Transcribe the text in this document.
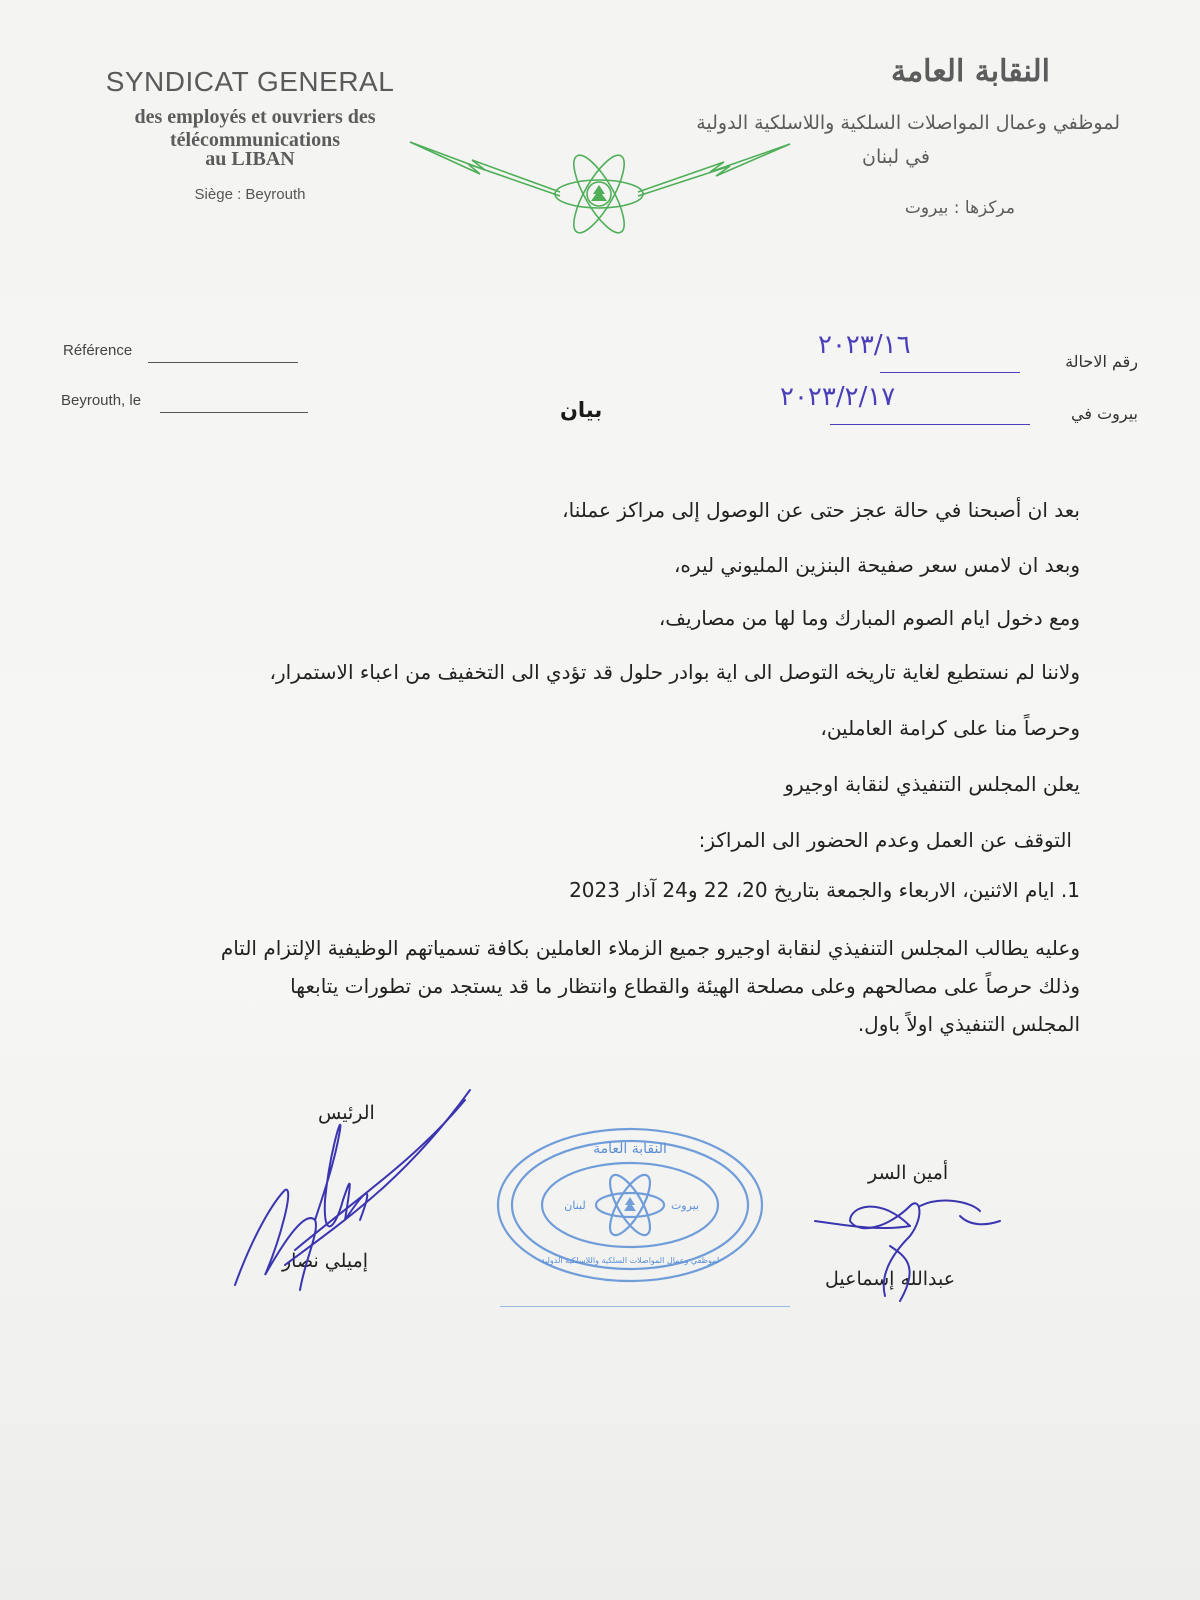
SYNDICAT GENERAL
des employés et ouvriers des télécommunications
au LIBAN
Siège : Beyrouth
النقابة العامة
لموظفي وعمال المواصلات السلكية واللاسلكية الدولية
في لبنان
مركزها : بيروت
Référence
Beyrouth, le
رقم الاحالة
بيروت في
٢٠٢٣/١٦
٢٠٢٣/٢/١٧
بيان
بعد ان أصبحنا في حالة عجز حتى عن الوصول إلى مراكز عملنا،
وبعد ان لامس سعر صفيحة البنزين المليوني ليره،
ومع دخول ايام الصوم المبارك وما لها من مصاريف،
ولاننا لم نستطيع لغاية تاريخه التوصل الى اية بوادر حلول قد تؤدي الى التخفيف من اعباء الاستمرار،
وحرصاً منا على كرامة العاملين،
يعلن المجلس التنفيذي لنقابة اوجيرو
التوقف عن العمل وعدم الحضور الى المراكز:
1. ايام الاثنين، الاربعاء والجمعة بتاريخ 20، 22 و24 آذار 2023
وعليه يطالب المجلس التنفيذي لنقابة اوجيرو جميع الزملاء العاملين بكافة تسمياتهم الوظيفية الإلتزام التام
وذلك حرصاً على مصالحهم وعلى مصلحة الهيئة والقطاع وانتظار ما قد يستجد من تطورات يتابعها
المجلس التنفيذي اولاً باول.
الرئيس
إميلي نصار
أمين السر
عبدالله إسماعيل
النقابة العامة
لموظفي وعمال المواصلات السلكية واللاسلكية الدولية
بيروت
لبنان
